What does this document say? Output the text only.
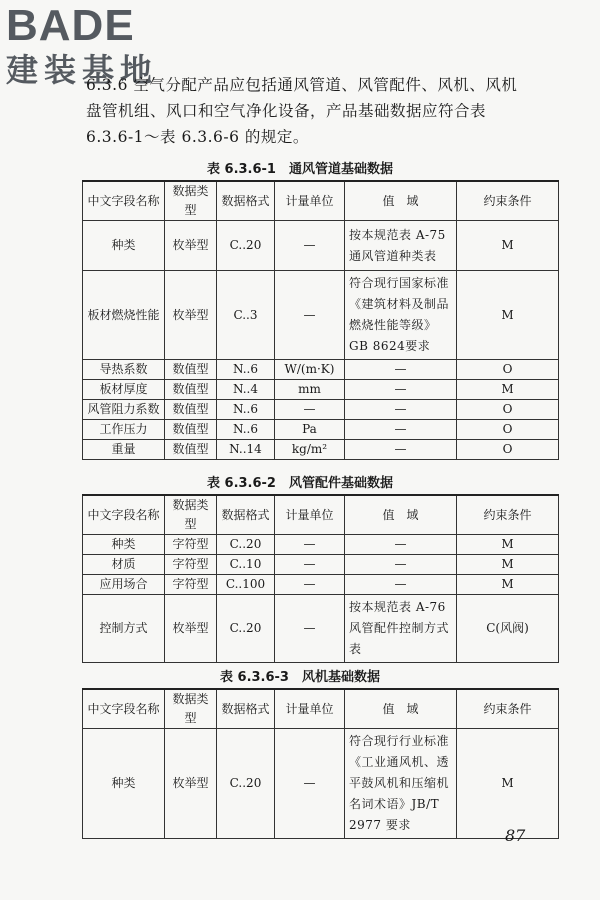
BADE
建装基地
6.3.6 空气分配产品应包括通风管道、风管配件、风机、风机
盘管机组、风口和空气净化设备，产品基础数据应符合表
6.3.6-1～表 6.3.6-6 的规定。
表 6.3.6-1　通风管道基础数据
中文字段名称	数据类型	数据格式	计量单位	值　域	约束条件
种类	枚举型	C..20	—	按本规范表 A-75 通风管道种类表	M
板材燃烧性能	枚举型	C..3	—	符合现行国家标准《建筑材料及制品燃烧性能等级》GB 8624要求	M
导热系数	数值型	N..6	W/(m·K)	—	O
板材厚度	数值型	N..4	mm	—	M
风管阻力系数	数值型	N..6	—	—	O
工作压力	数值型	N..6	Pa	—	O
重量	数值型	N..14	kg/m²	—	O
表 6.3.6-2　风管配件基础数据
中文字段名称	数据类型	数据格式	计量单位	值　域	约束条件
种类	字符型	C..20	—	—	M
材质	字符型	C..10	—	—	M
应用场合	字符型	C..100	—	—	M
控制方式	枚举型	C..20	—	按本规范表 A-76 风管配件控制方式表	C(风阀)
表 6.3.6-3　风机基础数据
中文字段名称	数据类型	数据格式	计量单位	值　域	约束条件
种类	枚举型	C..20	—	符合现行行业标准《工业通风机、透平鼓风机和压缩机名词术语》JB/T 2977 要求	M
87
